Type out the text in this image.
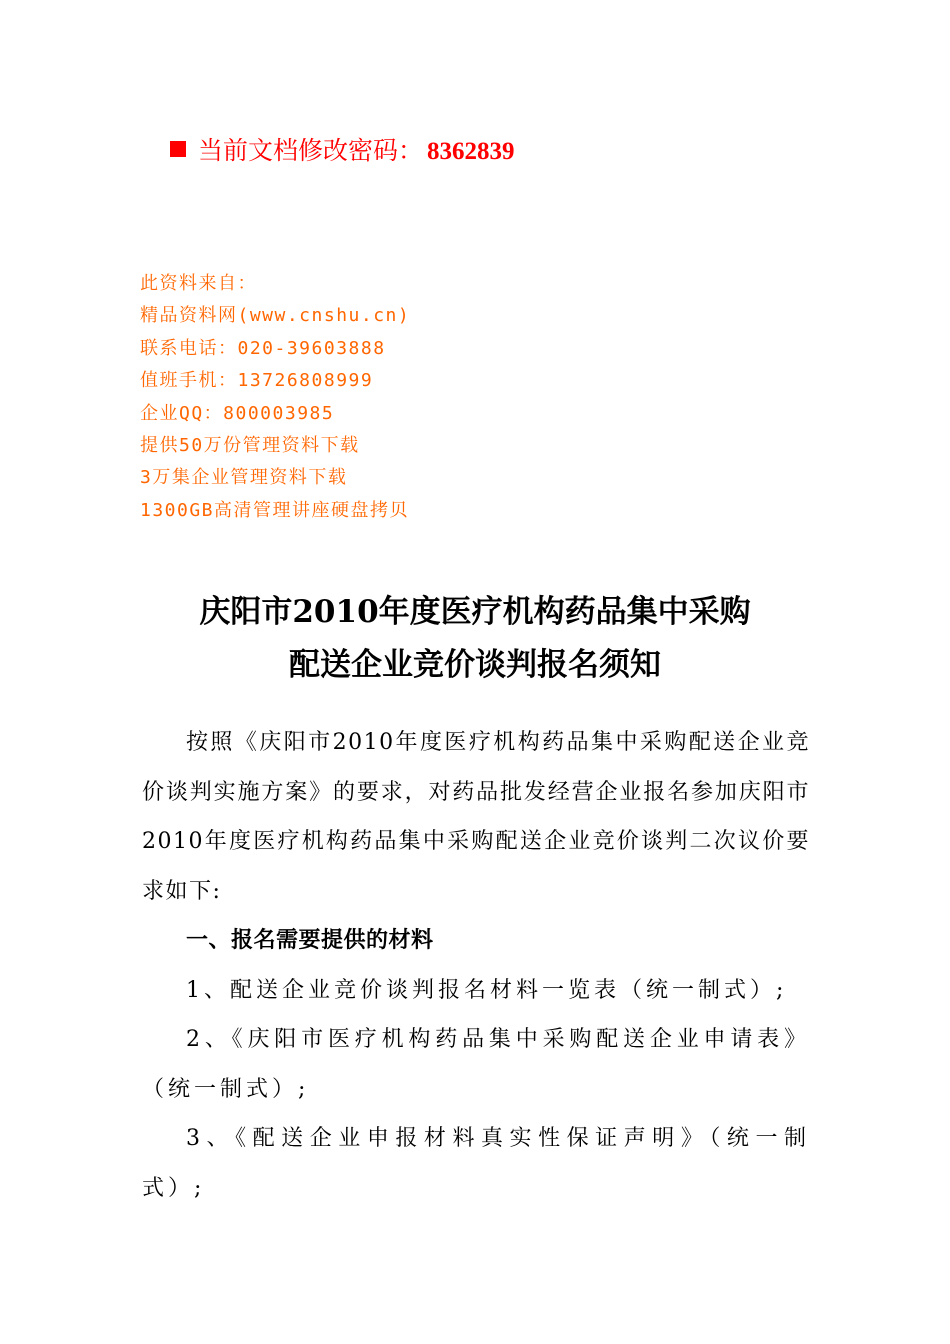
当前文档修改密码： 8362839
此资料来自：
精品资料网(www.cnshu.cn)
联系电话：020-39603888
值班手机：13726808999
企业QQ：800003985
提供50万份管理资料下载
3万集企业管理资料下载
1300GB高清管理讲座硬盘拷贝
庆阳市2010年度医疗机构药品集中采购
配送企业竞价谈判报名须知

按照《庆阳市2010年度医疗机构药品集中采购配送企业竞价谈判实施方案》的要求，对药品批发经营企业报名参加庆阳市2010年度医疗机构药品集中采购配送企业竞价谈判二次议价要求如下:

一、报名需要提供的材料

1、配送企业竞价谈判报名材料一览表（统一制式）;

2、《庆阳市医疗机构药品集中采购配送企业申请表》（统一制式）;

3、《配送企业申报材料真实性保证声明》（统一制式）;
